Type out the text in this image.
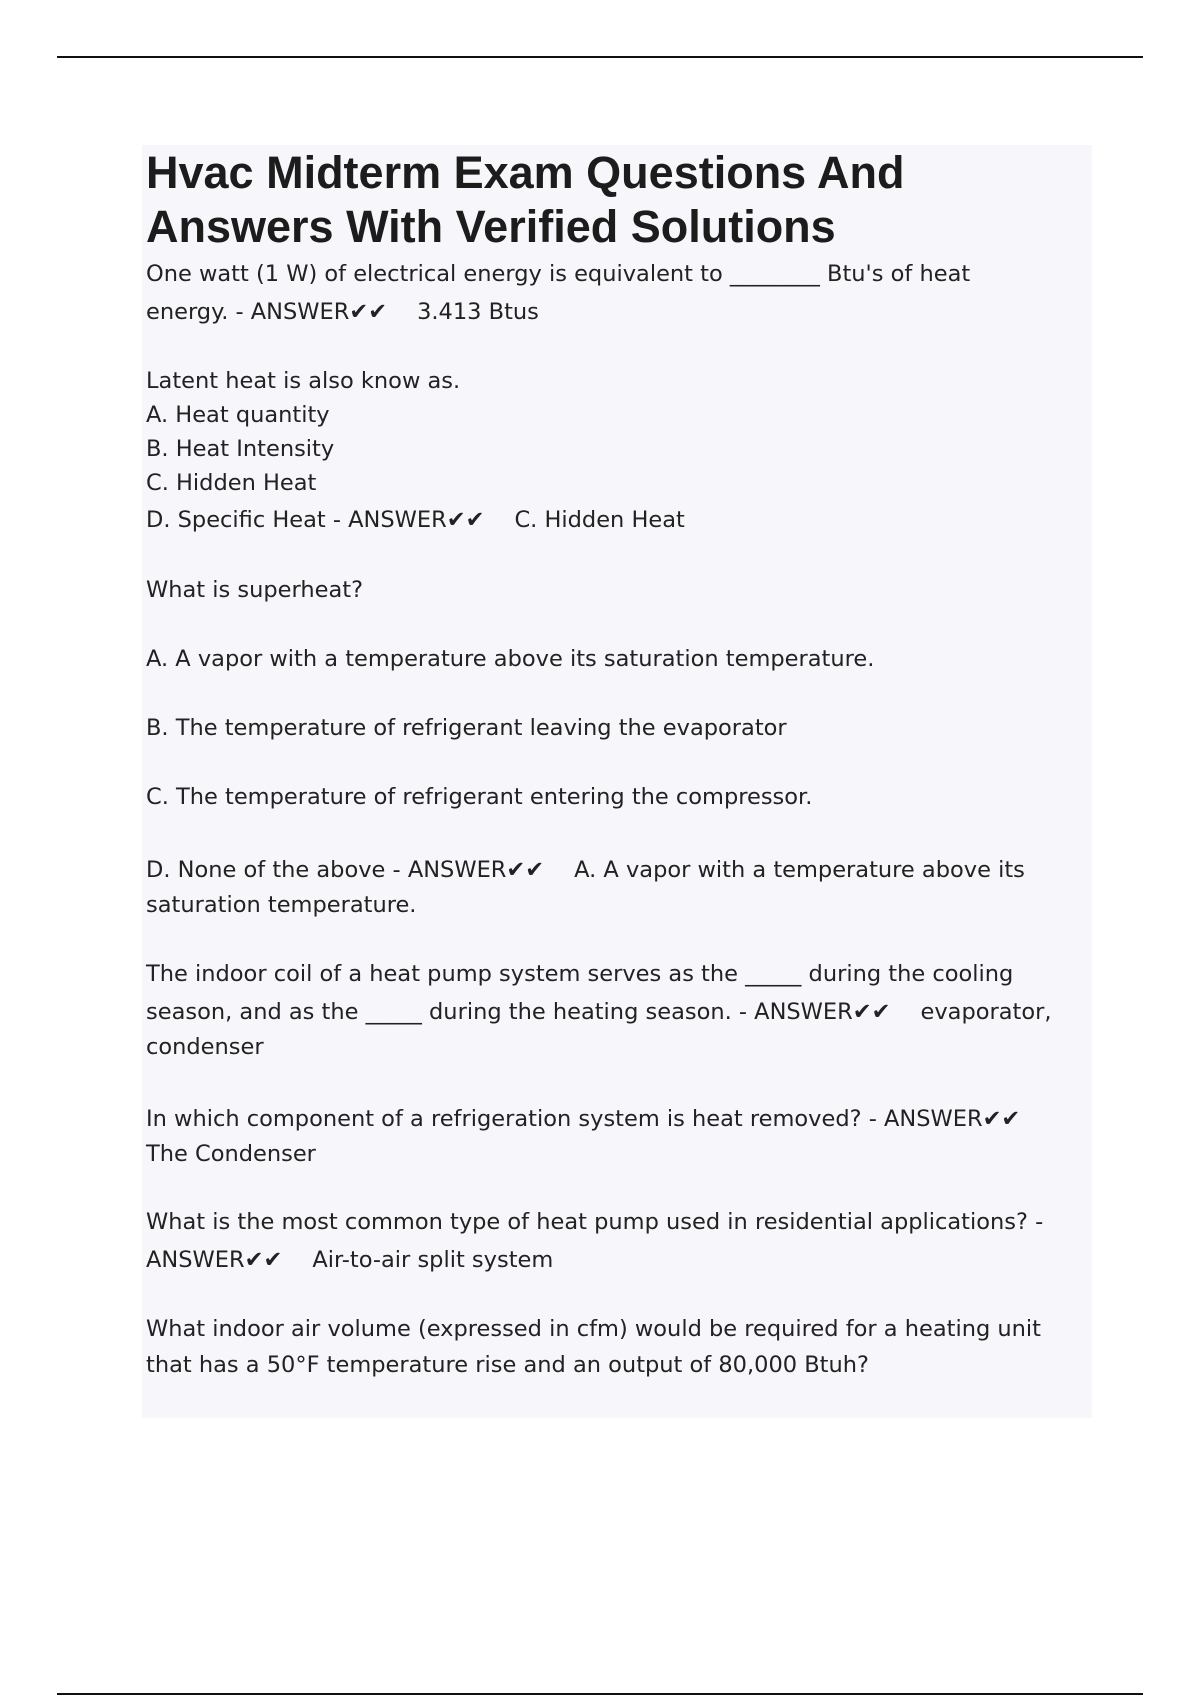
Hvac Midterm Exam Questions And Answers With Verified Solutions
One watt (1 W) of electrical energy is equivalent to ________ Btu's of heat
energy. - ANSWER✔✔ 3.413 Btus
Latent heat is also know as.
A. Heat quantity
B. Heat Intensity
C. Hidden Heat
D. Specific Heat - ANSWER✔✔ C. Hidden Heat
What is superheat?
A. A vapor with a temperature above its saturation temperature.
B. The temperature of refrigerant leaving the evaporator
C. The temperature of refrigerant entering the compressor.
D. None of the above - ANSWER✔✔ A. A vapor with a temperature above its
saturation temperature.
The indoor coil of a heat pump system serves as the _____ during the cooling
season, and as the _____ during the heating season. - ANSWER✔✔ evaporator,
condenser
In which component of a refrigeration system is heat removed? - ANSWER✔✔
The Condenser
What is the most common type of heat pump used in residential applications? -
ANSWER✔✔ Air-to-air split system
What indoor air volume (expressed in cfm) would be required for a heating unit
that has a 50°F temperature rise and an output of 80,000 Btuh?
